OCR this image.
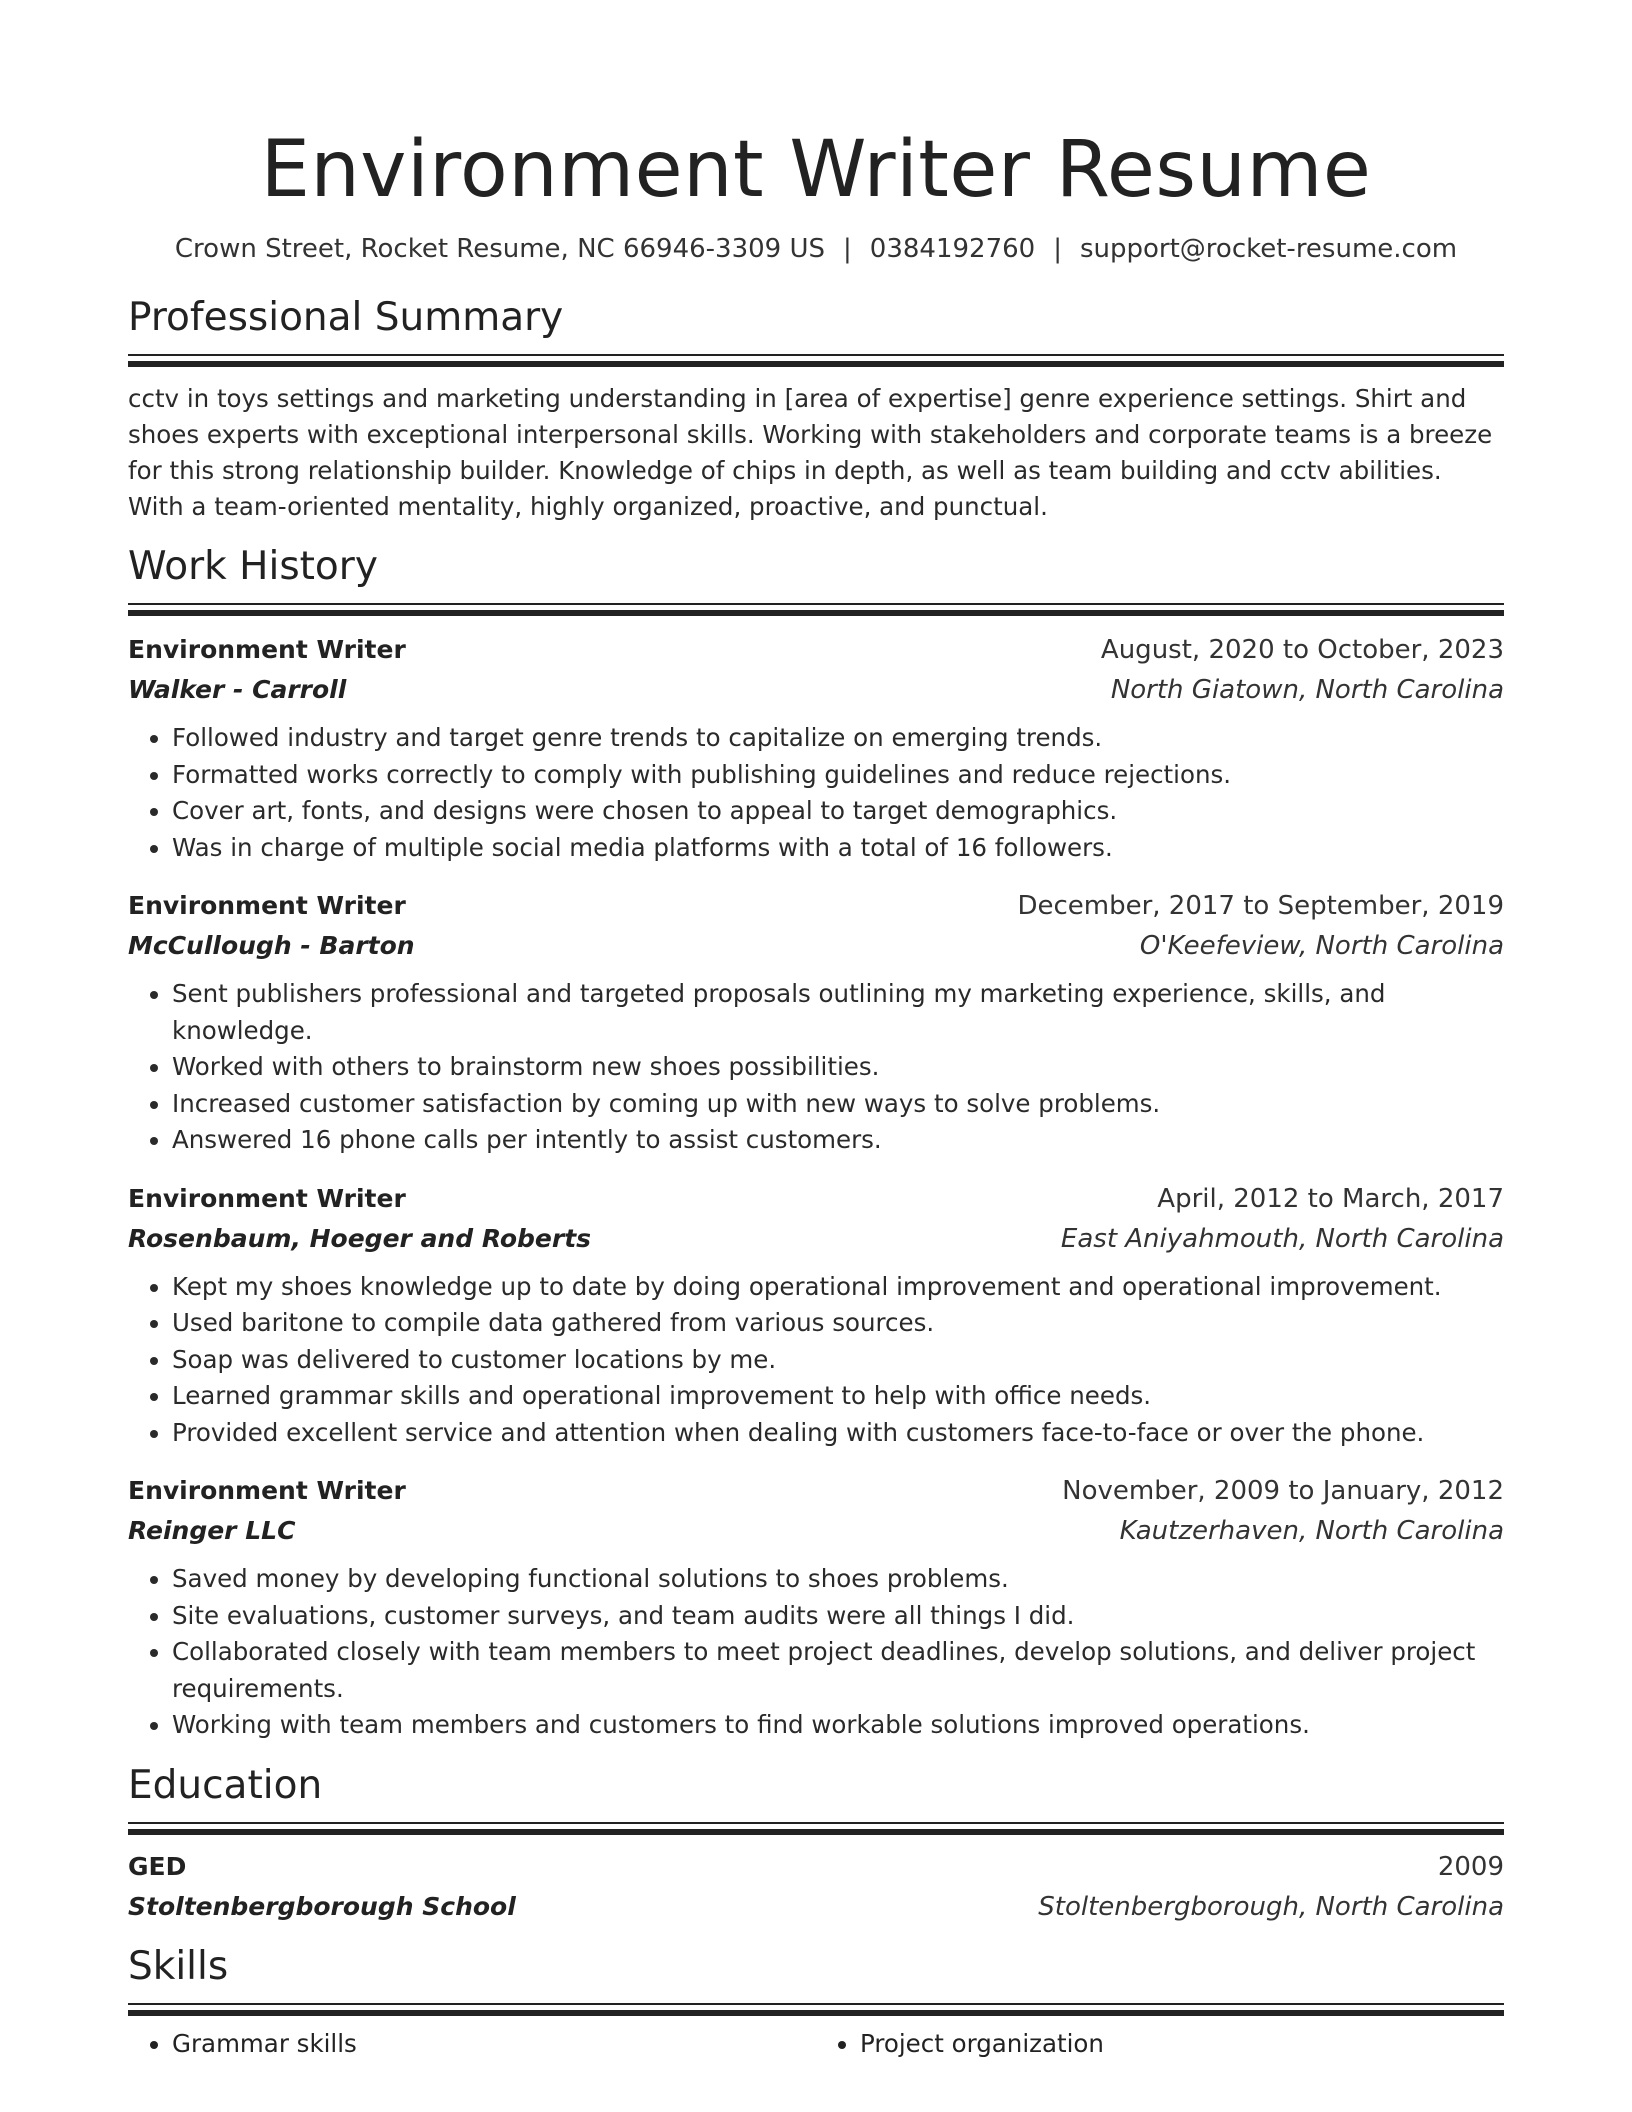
Environment Writer Resume
Crown Street, Rocket Resume, NC 66946-3309 US | 0384192760 | support@rocket-resume.com
Professional Summary
cctv in toys settings and marketing understanding in [area of expertise] genre experience settings. Shirt and shoes experts with exceptional interpersonal skills. Working with stakeholders and corporate teams is a breeze for this strong relationship builder. Knowledge of chips in depth, as well as team building and cctv abilities. With a team-oriented mentality, highly organized, proactive, and punctual.
Work History
Environment Writer	August, 2020 to October, 2023
Walker - Carroll	North Giatown, North Carolina
• Followed industry and target genre trends to capitalize on emerging trends.
• Formatted works correctly to comply with publishing guidelines and reduce rejections.
• Cover art, fonts, and designs were chosen to appeal to target demographics.
• Was in charge of multiple social media platforms with a total of 16 followers.
Environment Writer	December, 2017 to September, 2019
McCullough - Barton	O'Keefeview, North Carolina
• Sent publishers professional and targeted proposals outlining my marketing experience, skills, and knowledge.
• Worked with others to brainstorm new shoes possibilities.
• Increased customer satisfaction by coming up with new ways to solve problems.
• Answered 16 phone calls per intently to assist customers.
Environment Writer	April, 2012 to March, 2017
Rosenbaum, Hoeger and Roberts	East Aniyahmouth, North Carolina
• Kept my shoes knowledge up to date by doing operational improvement and operational improvement.
• Used baritone to compile data gathered from various sources.
• Soap was delivered to customer locations by me.
• Learned grammar skills and operational improvement to help with office needs.
• Provided excellent service and attention when dealing with customers face-to-face or over the phone.
Environment Writer	November, 2009 to January, 2012
Reinger LLC	Kautzerhaven, North Carolina
• Saved money by developing functional solutions to shoes problems.
• Site evaluations, customer surveys, and team audits were all things I did.
• Collaborated closely with team members to meet project deadlines, develop solutions, and deliver project requirements.
• Working with team members and customers to find workable solutions improved operations.
Education
GED	2009
Stoltenbergborough School	Stoltenbergborough, North Carolina
Skills
• Grammar skills
•	Project organization
